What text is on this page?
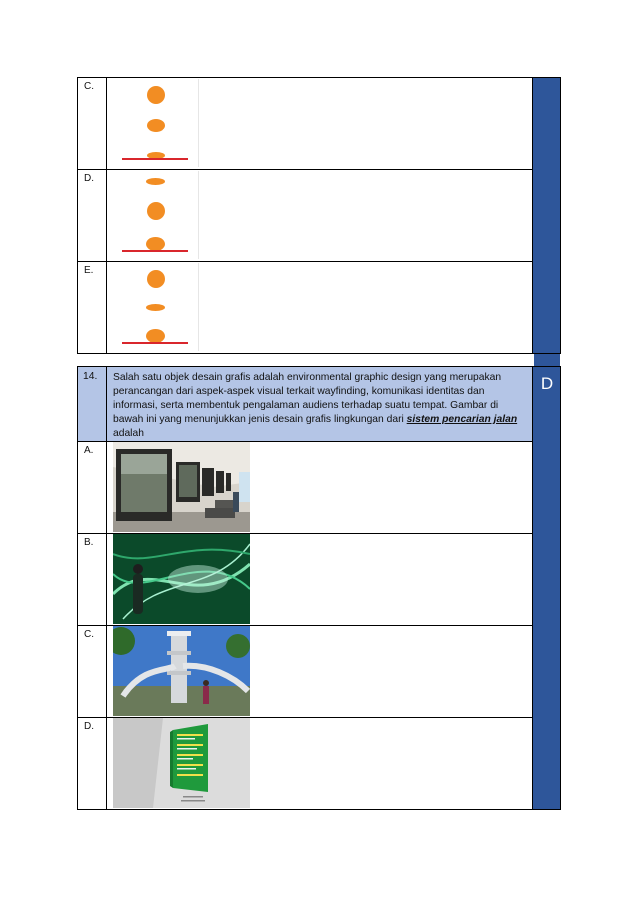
C.
D.
E.
14. Salah satu objek desain grafis adalah environmental graphic design yang merupakan perancangan dari aspek-aspek visual terkait wayfinding, komunikasi identitas dan informasi, serta membentuk pengalaman audiens terhadap suatu tempat. Gambar di bawah ini yang menunjukkan jenis desain grafis lingkungan dari sistem pencarian jalan adalah
D
A.
B.
C.
D.
